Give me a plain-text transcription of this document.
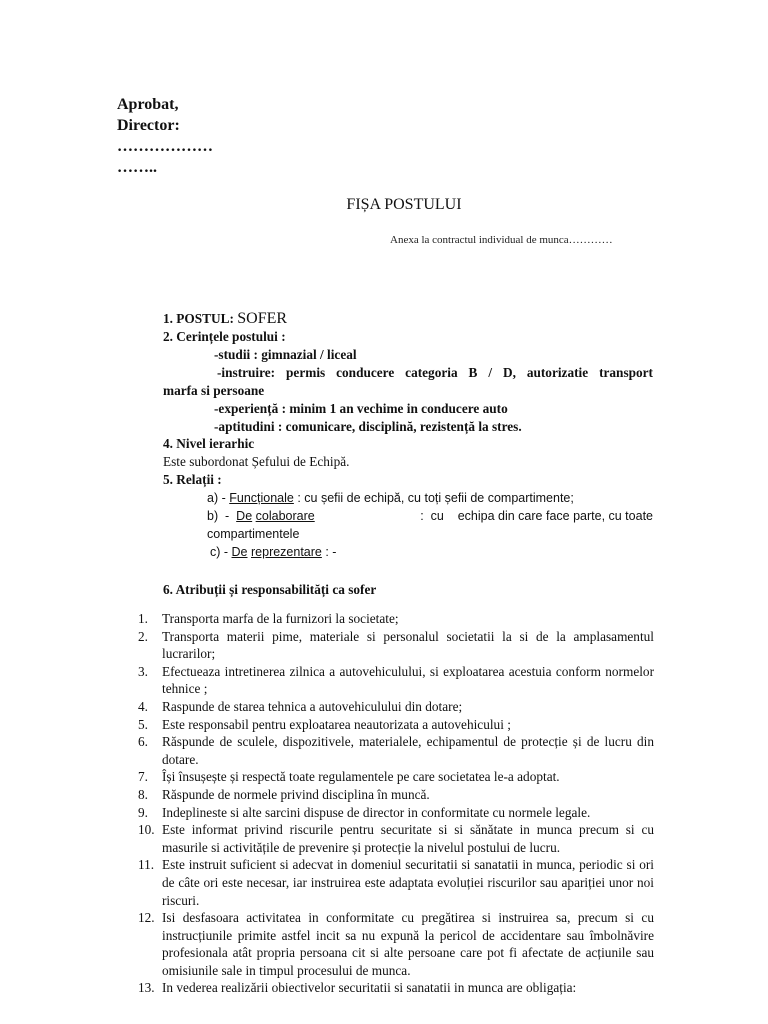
Aprobat,
Director:
………………
……..
FIȘA POSTULUI
Anexa la contractul individual de munca…………
1. POSTUL: SOFER
2. Cerințele postului :
-studii : gimnazial / liceal
-instruire: permis conducere categoria B / D, autorizatie transport
marfa si persoane
-experiență : minim 1 an vechime in conducere auto
-aptitudini : comunicare, disciplină, rezistență la stres.
4. Nivel ierarhic
Este subordonat Șefului de Echipă.
5. Relații :
a) - Funcționale : cu șefii de echipă, cu toți șefii de compartimente;
b)  -  De colaborare	:  cu    echipa din care face parte, cu toate
compartimentele
c) - De reprezentare : -
6. Atribuții și responsabilități ca sofer
1.	Transporta marfa de la furnizori la societate;
2.	Transporta materii pime, materiale si personalul societatii la si de la amplasamentul lucrarilor;
3.	Efectueaza intretinerea zilnica a autovehiculului, si exploatarea acestuia conform normelor tehnice ;
4.	Raspunde de starea tehnica a autovehiculului din dotare;
5.	Este responsabil pentru exploatarea neautorizata a autovehicului ;
6.	Răspunde de sculele, dispozitivele, materialele, echipamentul de protecție și de lucru din dotare.
7.	Își însușește și respectă toate regulamentele pe care societatea le-a adoptat.
8.	Răspunde de normele privind disciplina în muncă.
9.	Indeplineste si alte sarcini dispuse de director in conformitate cu normele legale.
10. Este informat privind riscurile pentru securitate si si sănătate in munca precum si cu masurile si activitățile de prevenire și protecție la nivelul postului de lucru.
11. Este instruit suficient si adecvat in domeniul securitatii si sanatatii in munca, periodic si ori de câte ori este necesar, iar instruirea este adaptata evoluției riscurilor sau apariției unor noi riscuri.
12. Isi desfasoara activitatea in conformitate cu pregătirea si instruirea sa, precum si cu instrucțiunile primite astfel incit sa nu expună la pericol de accidentare sau îmbolnăvire profesionala atât propria persoana cit si alte persoane care pot fi afectate de acțiunile sau omisiunile sale in timpul procesului de munca.
13. In vederea realizării obiectivelor securitatii si sanatatii in munca are obligația:
